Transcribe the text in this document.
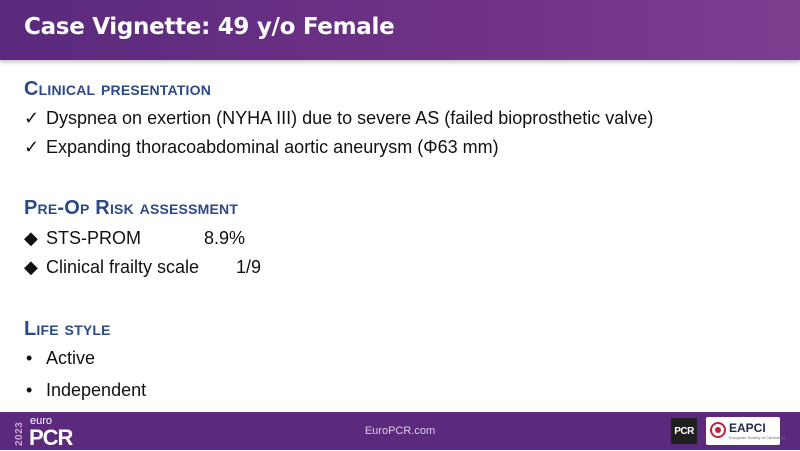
Case Vignette: 49 y/o Female
Clinical presentation
✓ Dyspnea on exertion (NYHA III) due to severe AS (failed bioprosthetic valve)
✓ Expanding thoracoabdominal aortic aneurysm (Φ63 mm)
Pre-Op Risk assessment
◆ STS-PROM	8.9%
◆ Clinical frailty scale 1/9
Life style
• Active
• Independent
2023
euro
PCR	EuroPCR.com	PCR	EAPCI
European Society of Cardiology
